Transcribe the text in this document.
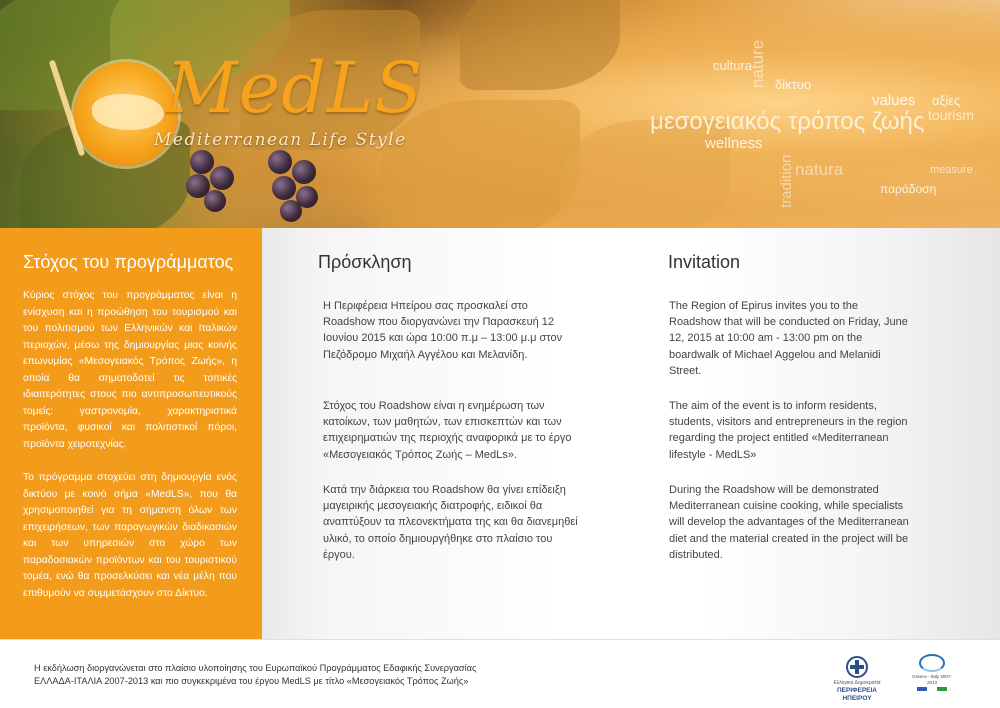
MedLS
Mediterranean Life Style
cultura
nature δίκτυο
values αξίες
tourism
μεσογειακός τρόπος ζωής
wellness
tradition natura	measure
παράδοση
Στόχος του προγράμματος

Κύριος στόχος του προγράμματος είναι η ενίσχυση και η προώθηση του τουρισμού και του πολιτισμού των Ελληνικών και Ιταλικών περιοχών, μέσω της δημιουργίας μιας κοινής επωνυμίας «Μεσογειακός Τρόπος Ζωής», η οποία θα σηματοδοτεί τις τοπικές ιδιαιτερότητες στους πιο αντιπροσωπευτικούς τομείς: γαστρονομία, χαρακτηριστικά προϊόντα, φυσικοί και πολιτιστικοί πόροι, προϊόντα χειροτεχνίας.

Το πρόγραμμα στοχεύει στη δημιουργία ενός δικτύου με κοινό σήμα «MedLS», που θα χρησιμοποιηθεί για τη σήμανση όλων των επιχειρήσεων, των παραγωγικών διαδικασιών και των υπηρεσιών στο χώρο των παραδοσιακών προϊόντων και του τουριστικού τομέα, ενώ θα προσελκύσει και νέα μέλη που επιθυμούν να συμμετάσχουν στο Δίκτυο.

Πρόσκληση

Η Περιφέρεια Ηπείρου σας προσκαλεί στο Roadshow που διοργανώνει την Παρασκευή 12 Ιουνίου 2015 και ώρα 10:00 π.μ – 13:00 μ.μ στον Πεζόδρομο Μιχαήλ Αγγέλου και Μελανίδη.

Στόχος του Roadshow είναι η ενημέρωση των κατοίκων, των μαθητών, των επισκεπτών και των επιχειρηματιών της περιοχής αναφορικά με το έργο «Μεσογειακός Τρόπος Ζωής – MedLs».

Κατά την διάρκεια του Roadshow θα γίνει επίδειξη μαγειρικής μεσογειακής διατροφής, ειδικοί θα αναπτύξουν τα πλεονεκτήματα της και θα διανεμηθεί υλικό, το οποίο δημιουργήθηκε στο πλαίσιο του έργου.

Invitation

The Region of Epirus invites you to the Roadshow that will be conducted on Friday, June 12, 2015 at 10:00 am - 13:00 pm on the boardwalk of Michael Aggelou and Melanidi Street.

The aim of the event is to inform residents, students, visitors and entrepreneurs in the region regarding the project entitled «Mediterranean lifestyle - MedLS»

During the Roadshow will be demonstrated Mediterranean cuisine cooking, while specialists will develop the advantages of the Mediterranean diet and the material created in the project will be distributed.

Η εκδήλωση διοργανώνεται στο πλαίσιο υλοποίησης του Ευρωπαϊκού Προγράμματος Εδαφικής Συνεργασίας
ΕΛΛΑΔΑ-ΙΤΑΛΙΑ 2007-2013 και πιο συγκεκριμένα του έργου MedLS με τίτλο «Μεσογειακός Τρόπος Ζωής»	Ελληνική Δημοκρατία
ΠΕΡΙΦΕΡΕΙΑ ΗΠΕΙΡΟΥ
Greece - Italy 2007-2013
